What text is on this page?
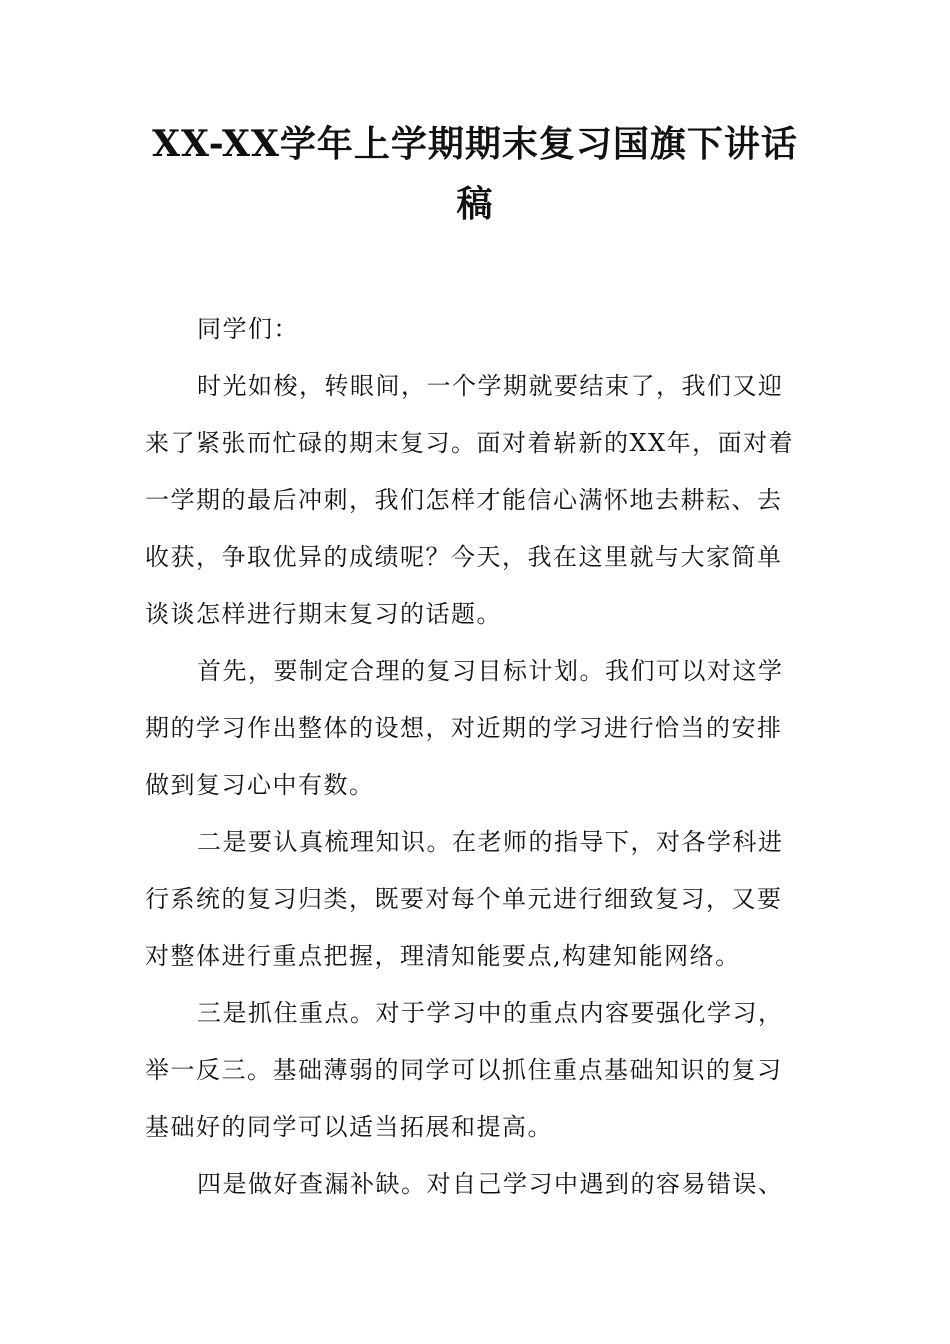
XX-XX学年上学期期末复习国旗下讲话
稿
同学们：
时光如梭，转眼间，一个学期就要结束了，我们又迎
来了紧张而忙碌的期末复习。面对着崭新的XX年，面对着
一学期的最后冲刺，我们怎样才能信心满怀地去耕耘、去
收获，争取优异的成绩呢？今天，我在这里就与大家简单
谈谈怎样进行期末复习的话题。
首先，要制定合理的复习目标计划。我们可以对这学
期的学习作出整体的设想，对近期的学习进行恰当的安排
做到复习心中有数。
二是要认真梳理知识。在老师的指导下，对各学科进
行系统的复习归类，既要对每个单元进行细致复习，又要
对整体进行重点把握，理清知能要点,构建知能网络。
三是抓住重点。对于学习中的重点内容要强化学习，
举一反三。基础薄弱的同学可以抓住重点基础知识的复习
基础好的同学可以适当拓展和提高。
四是做好查漏补缺。对自己学习中遇到的容易错误、
